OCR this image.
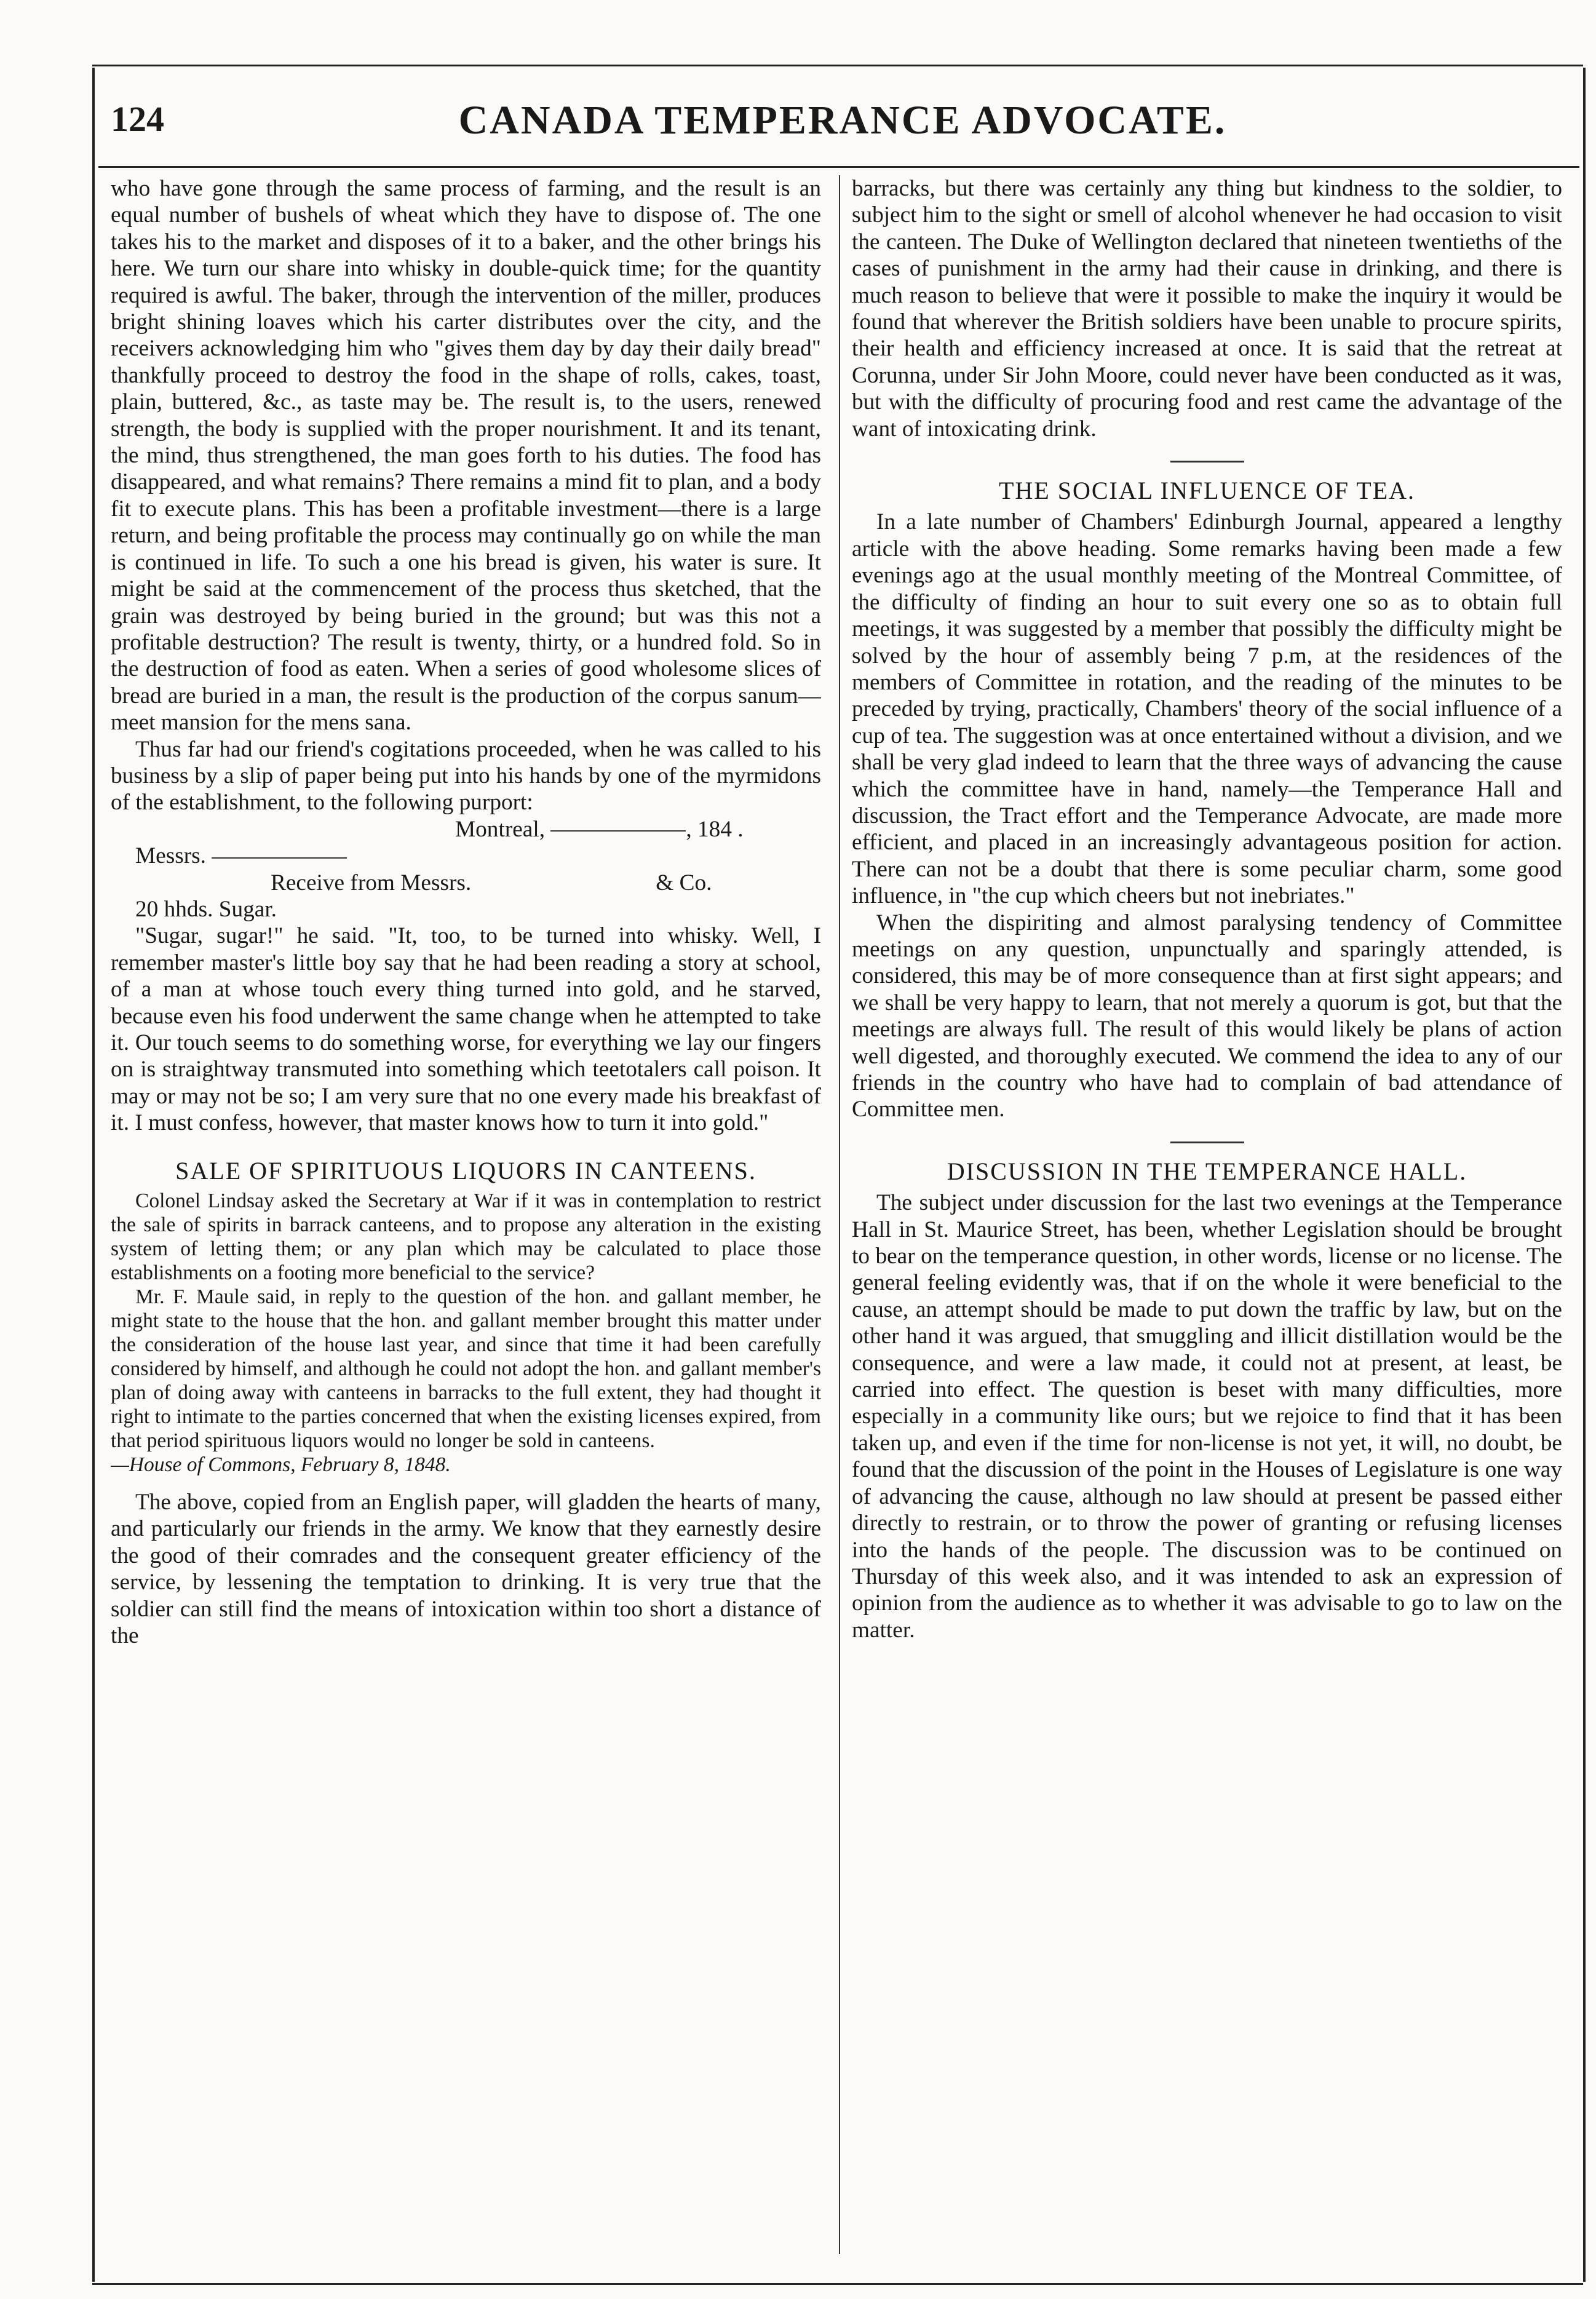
124	CANADA TEMPERANCE ADVOCATE.

who have gone through the same process of farming, and the result is an equal number of bushels of wheat which they have to dispose of. The one takes his to the market and disposes of it to a baker, and the other brings his here. We turn our share into whisky in double-quick time; for the quantity required is awful. The baker, through the intervention of the miller, produces bright shining loaves which his carter distributes over the city, and the receivers acknowledging him who "gives them day by day their daily bread" thankfully proceed to destroy the food in the shape of rolls, cakes, toast, plain, buttered, &c., as taste may be. The result is, to the users, renewed strength, the body is supplied with the proper nourishment. It and its tenant, the mind, thus strengthened, the man goes forth to his duties. The food has disappeared, and what remains? There remains a mind fit to plan, and a body fit to execute plans. This has been a profitable investment—there is a large return, and being profitable the process may continually go on while the man is continued in life. To such a one his bread is given, his water is sure. It might be said at the commencement of the process thus sketched, that the grain was destroyed by being buried in the ground; but was this not a profitable destruction? The result is twenty, thirty, or a hundred fold. So in the destruction of food as eaten. When a series of good wholesome slices of bread are buried in a man, the result is the production of the corpus sanum—meet mansion for the mens sana.

Thus far had our friend's cogitations proceeded, when he was called to his business by a slip of paper being put into his hands by one of the myrmidons of the establishment, to the following purport:

Montreal,	, 184 .
Messrs.
Receive from Messrs.	& Co.
20 hhds. Sugar.

"Sugar, sugar!" he said. "It, too, to be turned into whisky. Well, I remember master's little boy say that he had been reading a story at school, of a man at whose touch every thing turned into gold, and he starved, because even his food underwent the same change when he attempted to take it. Our touch seems to do something worse, for everything we lay our fingers on is straightway transmuted into something which teetotalers call poison. It may or may not be so; I am very sure that no one every made his breakfast of it. I must confess, however, that master knows how to turn it into gold."

SALE OF SPIRITUOUS LIQUORS IN CANTEENS.

Colonel Lindsay asked the Secretary at War if it was in contemplation to restrict the sale of spirits in barrack canteens, and to propose any alteration in the existing system of letting them; or any plan which may be calculated to place those establishments on a footing more beneficial to the service?

Mr. F. Maule said, in reply to the question of the hon. and gallant member, he might state to the house that the hon. and gallant member brought this matter under the consideration of the house last year, and since that time it had been carefully considered by himself, and although he could not adopt the hon. and gallant member's plan of doing away with canteens in barracks to the full extent, they had thought it right to intimate to the parties concerned that when the existing licenses expired, from that period spirituous liquors would no longer be sold in canteens.

—House of Commons, February 8, 1848.

The above, copied from an English paper, will gladden the hearts of many, and particularly our friends in the army. We know that they earnestly desire the good of their comrades and the consequent greater efficiency of the service, by lessening the temptation to drinking. It is very true that the soldier can still find the means of intoxication within too short a distance of the

barracks, but there was certainly any thing but kindness to the soldier, to subject him to the sight or smell of alcohol whenever he had occasion to visit the canteen. The Duke of Wellington declared that nineteen twentieths of the cases of punishment in the army had their cause in drinking, and there is much reason to believe that were it possible to make the inquiry it would be found that wherever the British soldiers have been unable to procure spirits, their health and efficiency increased at once. It is said that the retreat at Corunna, under Sir John Moore, could never have been conducted as it was, but with the difficulty of procuring food and rest came the advantage of the want of intoxicating drink.

THE SOCIAL INFLUENCE OF TEA.

In a late number of Chambers' Edinburgh Journal, appeared a lengthy article with the above heading. Some remarks having been made a few evenings ago at the usual monthly meeting of the Montreal Committee, of the difficulty of finding an hour to suit every one so as to obtain full meetings, it was suggested by a member that possibly the difficulty might be solved by the hour of assembly being 7 p.m, at the residences of the members of Committee in rotation, and the reading of the minutes to be preceded by trying, practically, Chambers' theory of the social influence of a cup of tea. The suggestion was at once entertained without a division, and we shall be very glad indeed to learn that the three ways of advancing the cause which the committee have in hand, namely—the Temperance Hall and discussion, the Tract effort and the Temperance Advocate, are made more efficient, and placed in an increasingly advantageous position for action. There can not be a doubt that there is some peculiar charm, some good influence, in "the cup which cheers but not inebriates."

When the dispiriting and almost paralysing tendency of Committee meetings on any question, unpunctually and sparingly attended, is considered, this may be of more consequence than at first sight appears; and we shall be very happy to learn, that not merely a quorum is got, but that the meetings are always full. The result of this would likely be plans of action well digested, and thoroughly executed. We commend the idea to any of our friends in the country who have had to complain of bad attendance of Committee men.

DISCUSSION IN THE TEMPERANCE HALL.

The subject under discussion for the last two evenings at the Temperance Hall in St. Maurice Street, has been, whether Legislation should be brought to bear on the temperance question, in other words, license or no license. The general feeling evidently was, that if on the whole it were beneficial to the cause, an attempt should be made to put down the traffic by law, but on the other hand it was argued, that smuggling and illicit distillation would be the consequence, and were a law made, it could not at present, at least, be carried into effect. The question is beset with many difficulties, more especially in a community like ours; but we rejoice to find that it has been taken up, and even if the time for non-license is not yet, it will, no doubt, be found that the discussion of the point in the Houses of Legislature is one way of advancing the cause, although no law should at present be passed either directly to restrain, or to throw the power of granting or refusing licenses into the hands of the people. The discussion was to be continued on Thursday of this week also, and it was intended to ask an expression of opinion from the audience as to whether it was advisable to go to law on the matter.
